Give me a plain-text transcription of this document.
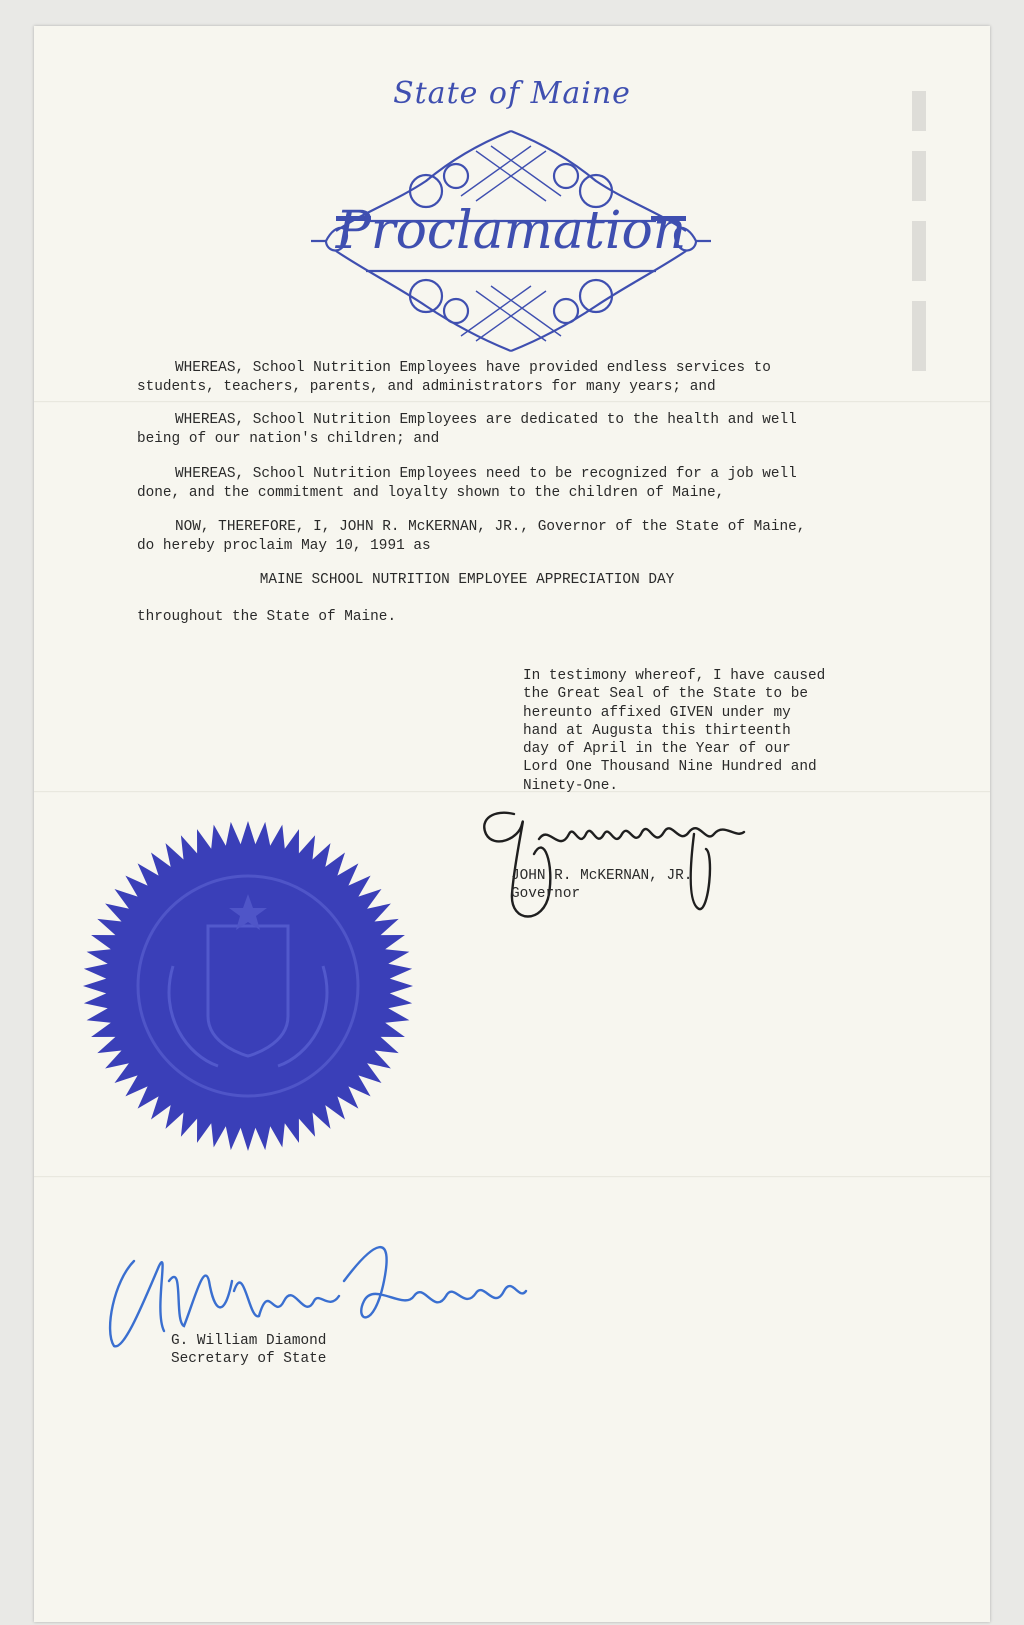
State of Maine
Proclamation

WHEREAS, School Nutrition Employees have provided endless services to
students, teachers, parents, and administrators for many years; and

WHEREAS, School Nutrition Employees are dedicated to the health and well
being of our nation's children; and

WHEREAS, School Nutrition Employees need to be recognized for a job well
done, and the commitment and loyalty shown to the children of Maine,

NOW, THEREFORE, I, JOHN R. McKERNAN, JR., Governor of the State of Maine,
do hereby proclaim May 10, 1991 as

MAINE SCHOOL NUTRITION EMPLOYEE APPRECIATION DAY
throughout the State of Maine.
In testimony whereof, I have caused
the Great Seal of the State to be
hereunto affixed GIVEN under my
hand at Augusta this thirteenth
day of April in the Year of our
Lord One Thousand Nine Hundred and
Ninety-One.
JOHN R. McKERNAN, JR.
Governor
G. William Diamond
Secretary of State
